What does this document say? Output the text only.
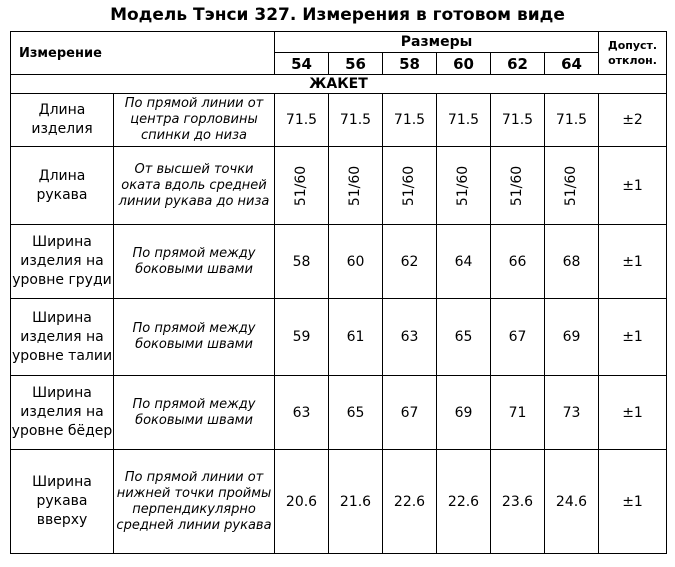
Модель Тэнси 327. Измерения в готовом виде
Измерение		Размеры						Допуст. отклон.
		54	56	58	60	62	64	
ЖАКЕТ								
Длина изделия	По прямой линии от центра горловины спинки до низа	71.5	71.5	71.5	71.5	71.5	71.5	±2
Длина рукава	От высшей точки оката вдоль средней линии рукава до низа	51/60	51/60	51/60	51/60	51/60	51/60	±1
Ширина изделия на уровне груди	По прямой между боковыми швами	58	60	62	64	66	68	±1
Ширина изделия на уровне талии	По прямой между боковыми швами	59	61	63	65	67	69	±1
Ширина изделия на уровне бёдер	По прямой между боковыми швами	63	65	67	69	71	73	±1
Ширина рукава вверху	По прямой линии от нижней точки проймы перпендикулярно средней линии рукава	20.6	21.6	22.6	22.6	23.6	24.6	±1
